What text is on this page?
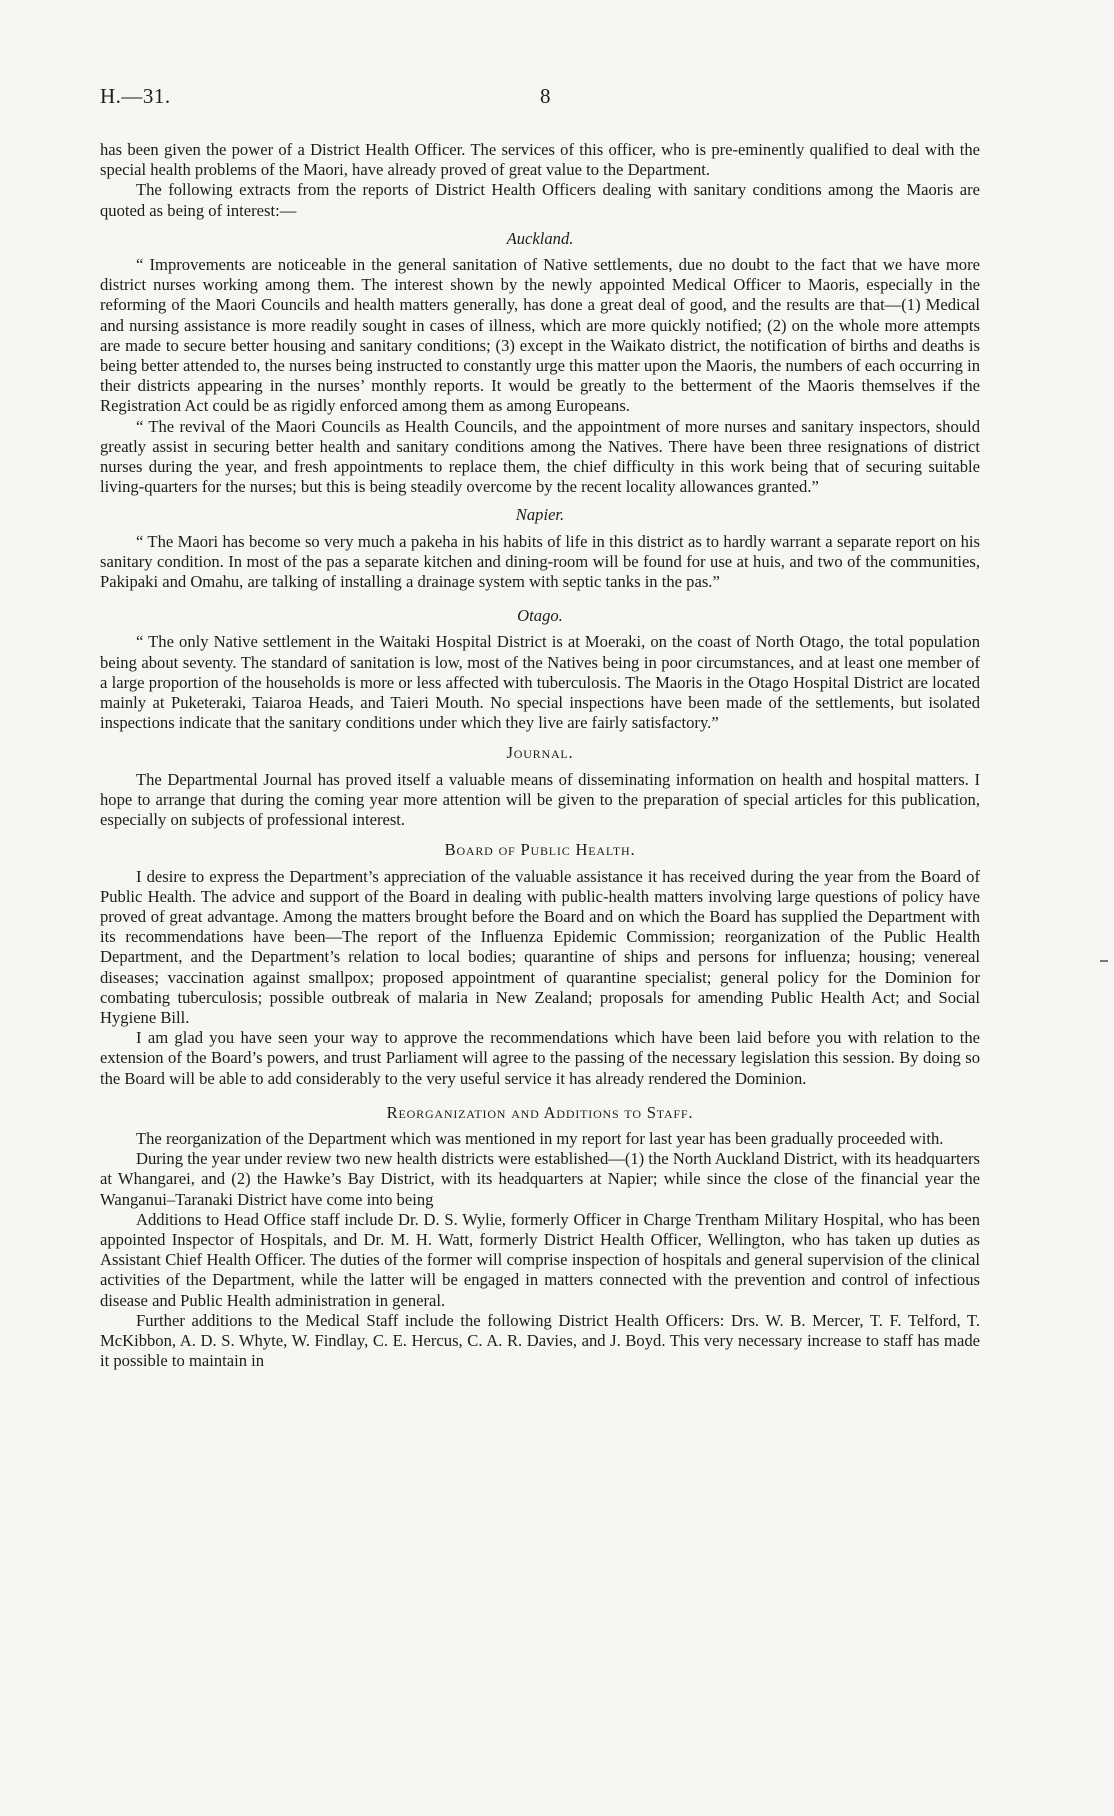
H.—31.	8

has been given the power of a District Health Officer. The services of this officer, who is pre-eminently qualified to deal with the special health problems of the Maori, have already proved of great value to the Department.

The following extracts from the reports of District Health Officers dealing with sanitary conditions among the Maoris are quoted as being of interest:—

Auckland.

“ Improvements are noticeable in the general sanitation of Native settlements, due no doubt to the fact that we have more district nurses working among them. The interest shown by the newly appointed Medical Officer to Maoris, especially in the reforming of the Maori Councils and health matters generally, has done a great deal of good, and the results are that—(1) Medical and nursing assistance is more readily sought in cases of illness, which are more quickly notified; (2) on the whole more attempts are made to secure better housing and sanitary conditions; (3) except in the Waikato district, the notification of births and deaths is being better attended to, the nurses being instructed to constantly urge this matter upon the Maoris, the numbers of each occurring in their districts appearing in the nurses’ monthly reports. It would be greatly to the betterment of the Maoris themselves if the Registration Act could be as rigidly enforced among them as among Europeans.

“ The revival of the Maori Councils as Health Councils, and the appointment of more nurses and sanitary inspectors, should greatly assist in securing better health and sanitary conditions among the Natives. There have been three resignations of district nurses during the year, and fresh appointments to replace them, the chief difficulty in this work being that of securing suitable living-quarters for the nurses; but this is being steadily overcome by the recent locality allowances granted.”

Napier.

“ The Maori has become so very much a pakeha in his habits of life in this district as to hardly warrant a separate report on his sanitary condition. In most of the pas a separate kitchen and dining-room will be found for use at huis, and two of the communities, Pakipaki and Omahu, are talking of installing a drainage system with septic tanks in the pas.”

Otago.

“ The only Native settlement in the Waitaki Hospital District is at Moeraki, on the coast of North Otago, the total population being about seventy. The standard of sanitation is low, most of the Natives being in poor circumstances, and at least one member of a large proportion of the households is more or less affected with tuberculosis. The Maoris in the Otago Hospital District are located mainly at Puketeraki, Taiaroa Heads, and Taieri Mouth. No special inspections have been made of the settlements, but isolated inspections indicate that the sanitary conditions under which they live are fairly satisfactory.”

Journal.

The Departmental Journal has proved itself a valuable means of disseminating information on health and hospital matters. I hope to arrange that during the coming year more attention will be given to the preparation of special articles for this publication, especially on subjects of professional interest.

Board of Public Health.

I desire to express the Department’s appreciation of the valuable assistance it has received during the year from the Board of Public Health. The advice and support of the Board in dealing with public-health matters involving large questions of policy have proved of great advantage. Among the matters brought before the Board and on which the Board has supplied the Department with its recommendations have been—The report of the Influenza Epidemic Commission; reorganization of the Public Health Department, and the Department’s relation to local bodies; quarantine of ships and persons for influenza; housing; venereal diseases; vaccination against smallpox; proposed appointment of quarantine specialist; general policy for the Dominion for combating tuberculosis; possible outbreak of malaria in New Zealand; proposals for amending Public Health Act; and Social Hygiene Bill.

I am glad you have seen your way to approve the recommendations which have been laid before you with relation to the extension of the Board’s powers, and trust Parliament will agree to the passing of the necessary legislation this session. By doing so the Board will be able to add considerably to the very useful service it has already rendered the Dominion.

Reorganization and Additions to Staff.

The reorganization of the Department which was mentioned in my report for last year has been gradually proceeded with.

During the year under review two new health districts were established—(1) the North Auckland District, with its headquarters at Whangarei, and (2) the Hawke’s Bay District, with its headquarters at Napier; while since the close of the financial year the Wanganui–Taranaki District have come into being

Additions to Head Office staff include Dr. D. S. Wylie, formerly Officer in Charge Trentham Military Hospital, who has been appointed Inspector of Hospitals, and Dr. M. H. Watt, formerly District Health Officer, Wellington, who has taken up duties as Assistant Chief Health Officer. The duties of the former will comprise inspection of hospitals and general supervision of the clinical activities of the Department, while the latter will be engaged in matters connected with the prevention and control of infectious disease and Public Health administration in general.

Further additions to the Medical Staff include the following District Health Officers: Drs. W. B. Mercer, T. F. Telford, T. McKibbon, A. D. S. Whyte, W. Findlay, C. E. Hercus, C. A. R. Davies, and J. Boyd. This very necessary increase to staff has made it possible to maintain in
